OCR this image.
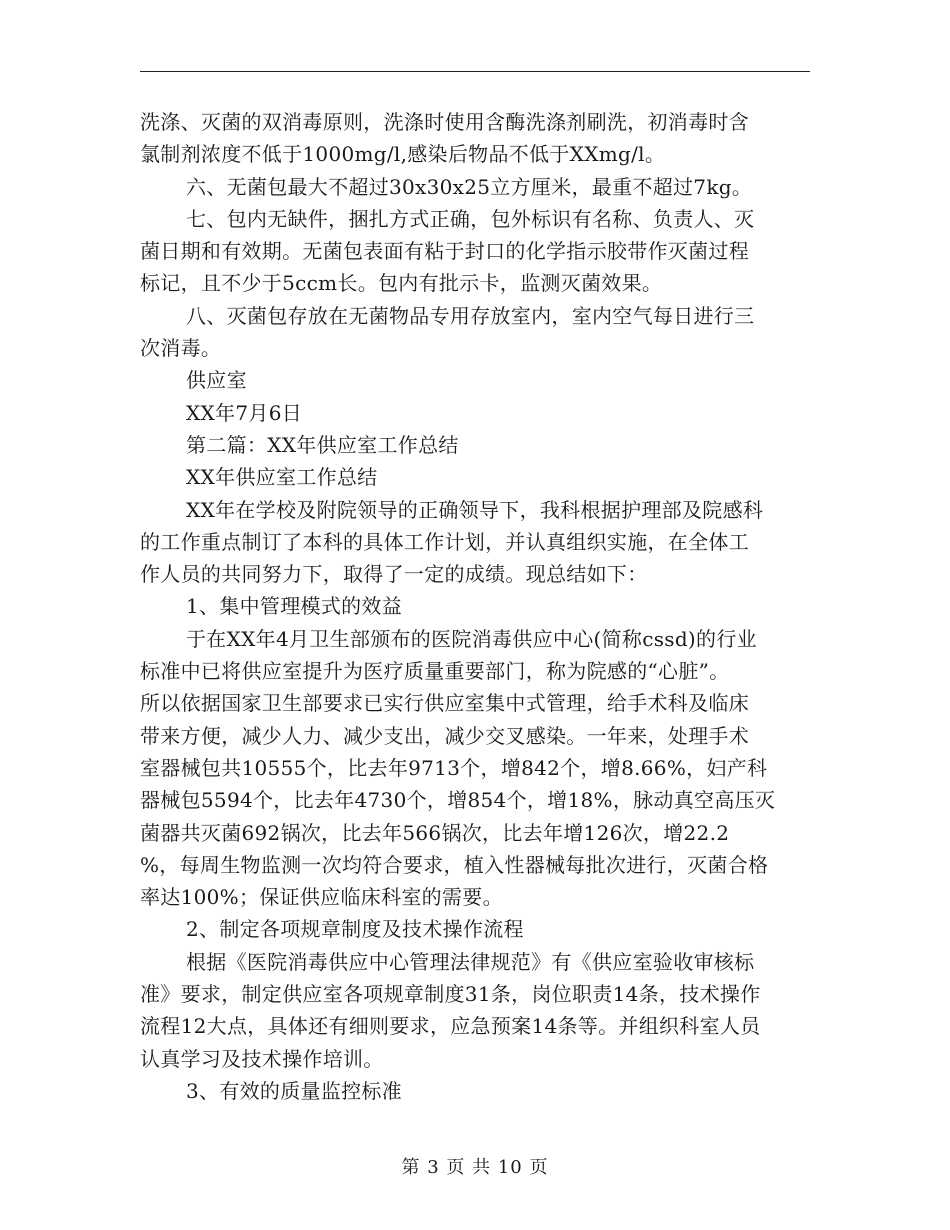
洗涤、灭菌的双消毒原则，洗涤时使用含酶洗涤剂刷洗，初消毒时含
氯制剂浓度不低于1000mg/l,感染后物品不低于XXmg/l。
六、无菌包最大不超过30x30x25立方厘米，最重不超过7kg。
七、包内无缺件，捆扎方式正确，包外标识有名称、负责人、灭
菌日期和有效期。无菌包表面有粘于封口的化学指示胶带作灭菌过程
标记，且不少于5ccm长。包内有批示卡，监测灭菌效果。
八、灭菌包存放在无菌物品专用存放室内，室内空气每日进行三
次消毒。
供应室
XX年7月6日
第二篇：XX年供应室工作总结
XX年供应室工作总结
XX年在学校及附院领导的正确领导下，我科根据护理部及院感科
的工作重点制订了本科的具体工作计划，并认真组织实施，在全体工
作人员的共同努力下，取得了一定的成绩。现总结如下：
1、集中管理模式的效益
于在XX年4月卫生部颁布的医院消毒供应中心(简称cssd)的行业
标准中已将供应室提升为医疗质量重要部门，称为院感的“心脏”。
所以依据国家卫生部要求已实行供应室集中式管理，给手术科及临床
带来方便，减少人力、减少支出，减少交叉感染。一年来，处理手术
室器械包共10555个，比去年9713个，增842个，增8.66%，妇产科
器械包5594个，比去年4730个，增854个，增18%，脉动真空高压灭
菌器共灭菌692锅次，比去年566锅次，比去年增126次，增22.2
%，每周生物监测一次均符合要求，植入性器械每批次进行，灭菌合格
率达100%；保证供应临床科室的需要。
2、制定各项规章制度及技术操作流程
根据《医院消毒供应中心管理法律规范》有《供应室验收审核标
准》要求，制定供应室各项规章制度31条，岗位职责14条，技术操作
流程12大点，具体还有细则要求，应急预案14条等。并组织科室人员
认真学习及技术操作培训。
3、有效的质量监控标准
第 3 页 共 10 页
